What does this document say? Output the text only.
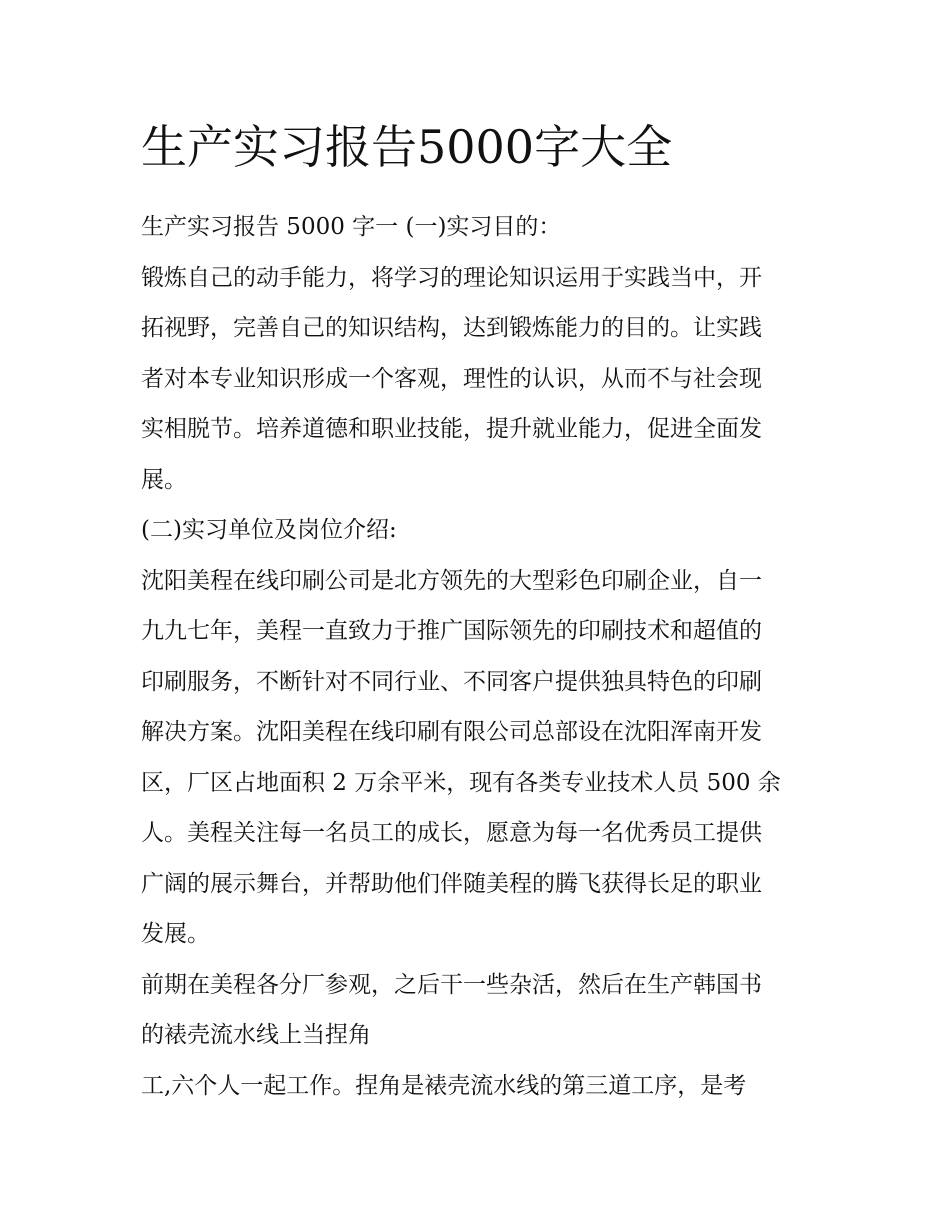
生产实习报告5000字大全
生产实习报告 5000 字一 (一)实习目的：
锻炼自己的动手能力，将学习的理论知识运用于实践当中，开
拓视野，完善自己的知识结构，达到锻炼能力的目的。让实践
者对本专业知识形成一个客观，理性的认识，从而不与社会现
实相脱节。培养道德和职业技能，提升就业能力，促进全面发
展。
(二)实习单位及岗位介绍:
沈阳美程在线印刷公司是北方领先的大型彩色印刷企业，自一
九九七年，美程一直致力于推广国际领先的印刷技术和超值的
印刷服务，不断针对不同行业、不同客户提供独具特色的印刷
解决方案。沈阳美程在线印刷有限公司总部设在沈阳浑南开发
区，厂区占地面积 2 万余平米，现有各类专业技术人员 500 余
人。美程关注每一名员工的成长，愿意为每一名优秀员工提供
广阔的展示舞台，并帮助他们伴随美程的腾飞获得长足的职业
发展。
前期在美程各分厂参观，之后干一些杂活，然后在生产韩国书
的裱壳流水线上当捏角
工,六个人一起工作。捏角是裱壳流水线的第三道工序，是考
